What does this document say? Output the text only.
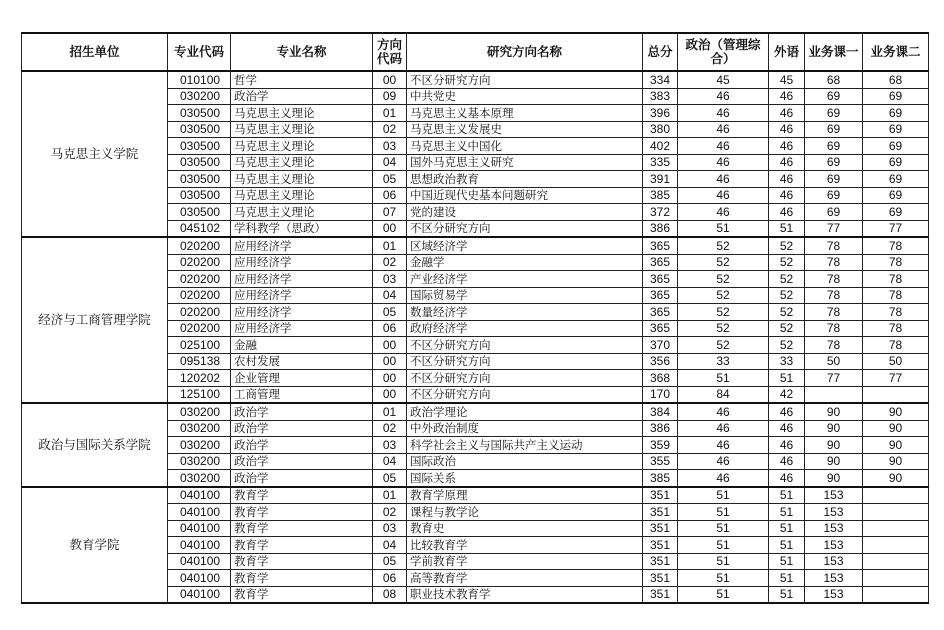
招生单位	专业代码	专业名称	方向代码	研究方向名称	总分	政治（管理综合）	外语	业务课一	业务课二
马克思主义学院	010100	哲学	00	不区分研究方向	334	45	45	68	68
	030200	政治学	09	中共党史	383	46	46	69	69
	030500	马克思主义理论	01	马克思主义基本原理	396	46	46	69	69
	030500	马克思主义理论	02	马克思主义发展史	380	46	46	69	69
	030500	马克思主义理论	03	马克思主义中国化	402	46	46	69	69
	030500	马克思主义理论	04	国外马克思主义研究	335	46	46	69	69
	030500	马克思主义理论	05	思想政治教育	391	46	46	69	69
	030500	马克思主义理论	06	中国近现代史基本问题研究	385	46	46	69	69
	030500	马克思主义理论	07	党的建设	372	46	46	69	69
	045102	学科教学（思政）	00	不区分研究方向	386	51	51	77	77
经济与工商管理学院	020200	应用经济学	01	区域经济学	365	52	52	78	78
	020200	应用经济学	02	金融学	365	52	52	78	78
	020200	应用经济学	03	产业经济学	365	52	52	78	78
	020200	应用经济学	04	国际贸易学	365	52	52	78	78
	020200	应用经济学	05	数量经济学	365	52	52	78	78
	020200	应用经济学	06	政府经济学	365	52	52	78	78
	025100	金融	00	不区分研究方向	370	52	52	78	78
	095138	农村发展	00	不区分研究方向	356	33	33	50	50
	120202	企业管理	00	不区分研究方向	368	51	51	77	77
	125100	工商管理	00	不区分研究方向	170	84	42		
政治与国际关系学院	030200	政治学	01	政治学理论	384	46	46	90	90
	030200	政治学	02	中外政治制度	386	46	46	90	90
	030200	政治学	03	科学社会主义与国际共产主义运动	359	46	46	90	90
	030200	政治学	04	国际政治	355	46	46	90	90
	030200	政治学	05	国际关系	385	46	46	90	90
教育学院	040100	教育学	01	教育学原理	351	51	51	153	
	040100	教育学	02	课程与教学论	351	51	51	153	
	040100	教育学	03	教育史	351	51	51	153	
	040100	教育学	04	比较教育学	351	51	51	153	
	040100	教育学	05	学前教育学	351	51	51	153	
	040100	教育学	06	高等教育学	351	51	51	153	
	040100	教育学	08	职业技术教育学	351	51	51	153	
